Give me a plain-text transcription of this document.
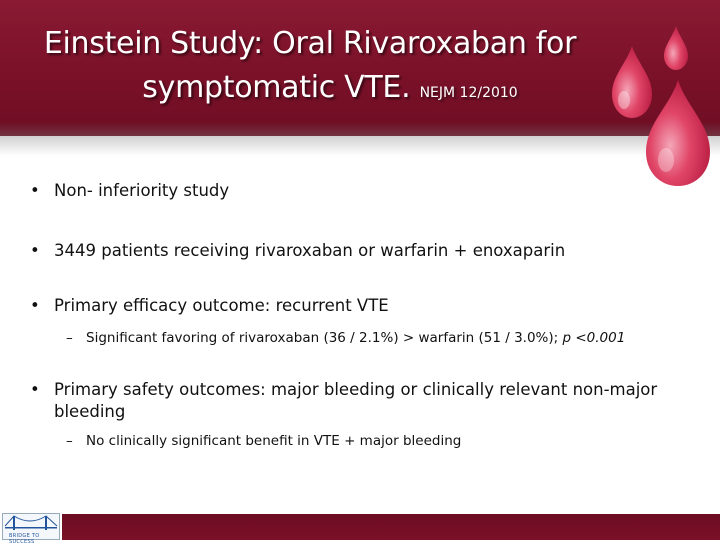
Einstein Study: Oral Rivaroxaban for
symptomatic VTE. NEJM 12/2010
• Non- inferiority study
• 3449 patients receiving rivaroxaban or warfarin + enoxaparin
• Primary efficacy outcome: recurrent VTE
– Significant favoring of rivaroxaban (36 / 2.1%) > warfarin (51 / 3.0%); p <0.001
• Primary safety outcomes: major bleeding or clinically relevant non-major bleeding
– No clinically significant benefit in VTE + major bleeding
BRIDGE TO SUCCESS
